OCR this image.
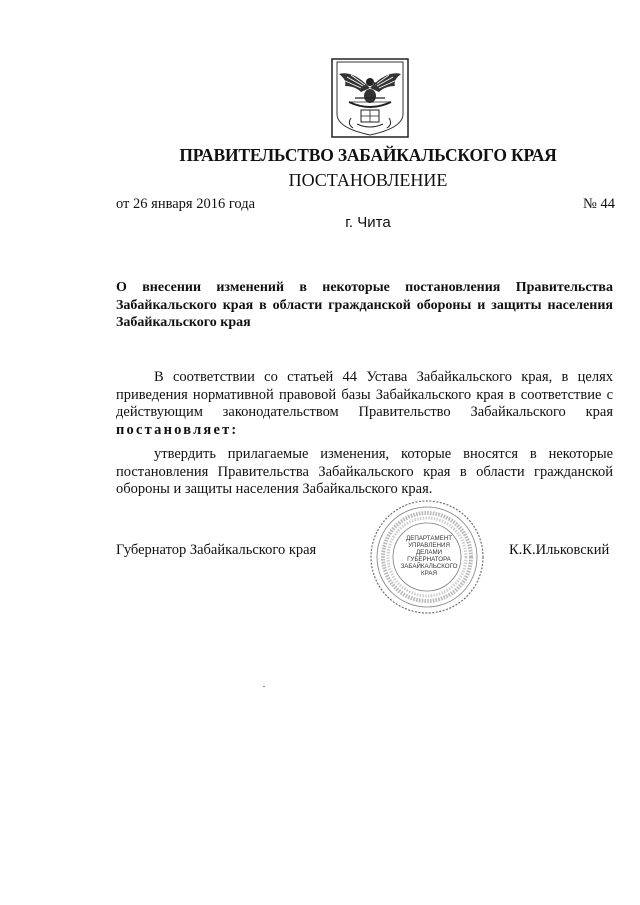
ПРАВИТЕЛЬСТВО ЗАБАЙКАЛЬСКОГО КРАЯ
ПОСТАНОВЛЕНИЕ
от 26 января 2016 года	№ 44
г. Чита
О внесении изменений в некоторые постановления Правительства Забайкальского края в области гражданской обороны и защиты населения Забайкальского края
В соответствии со статьей 44 Устава Забайкальского края, в целях приведения нормативной правовой базы Забайкальского края в соответствие с действующим законодательством Правительство Забайкальского края постановляет:
утвердить прилагаемые изменения, которые вносятся в некоторые постановления Правительства Забайкальского края в области гражданской обороны и защиты населения Забайкальского края.
ДЕПАРТАМЕНТ
УПРАВЛЕНИЯ
ДЕЛАМИ
ГУБЕРНАТОРА
ЗАБАЙКАЛЬСКОГО
КРАЯ
Губернатор Забайкальского края	К.К.Ильковский
